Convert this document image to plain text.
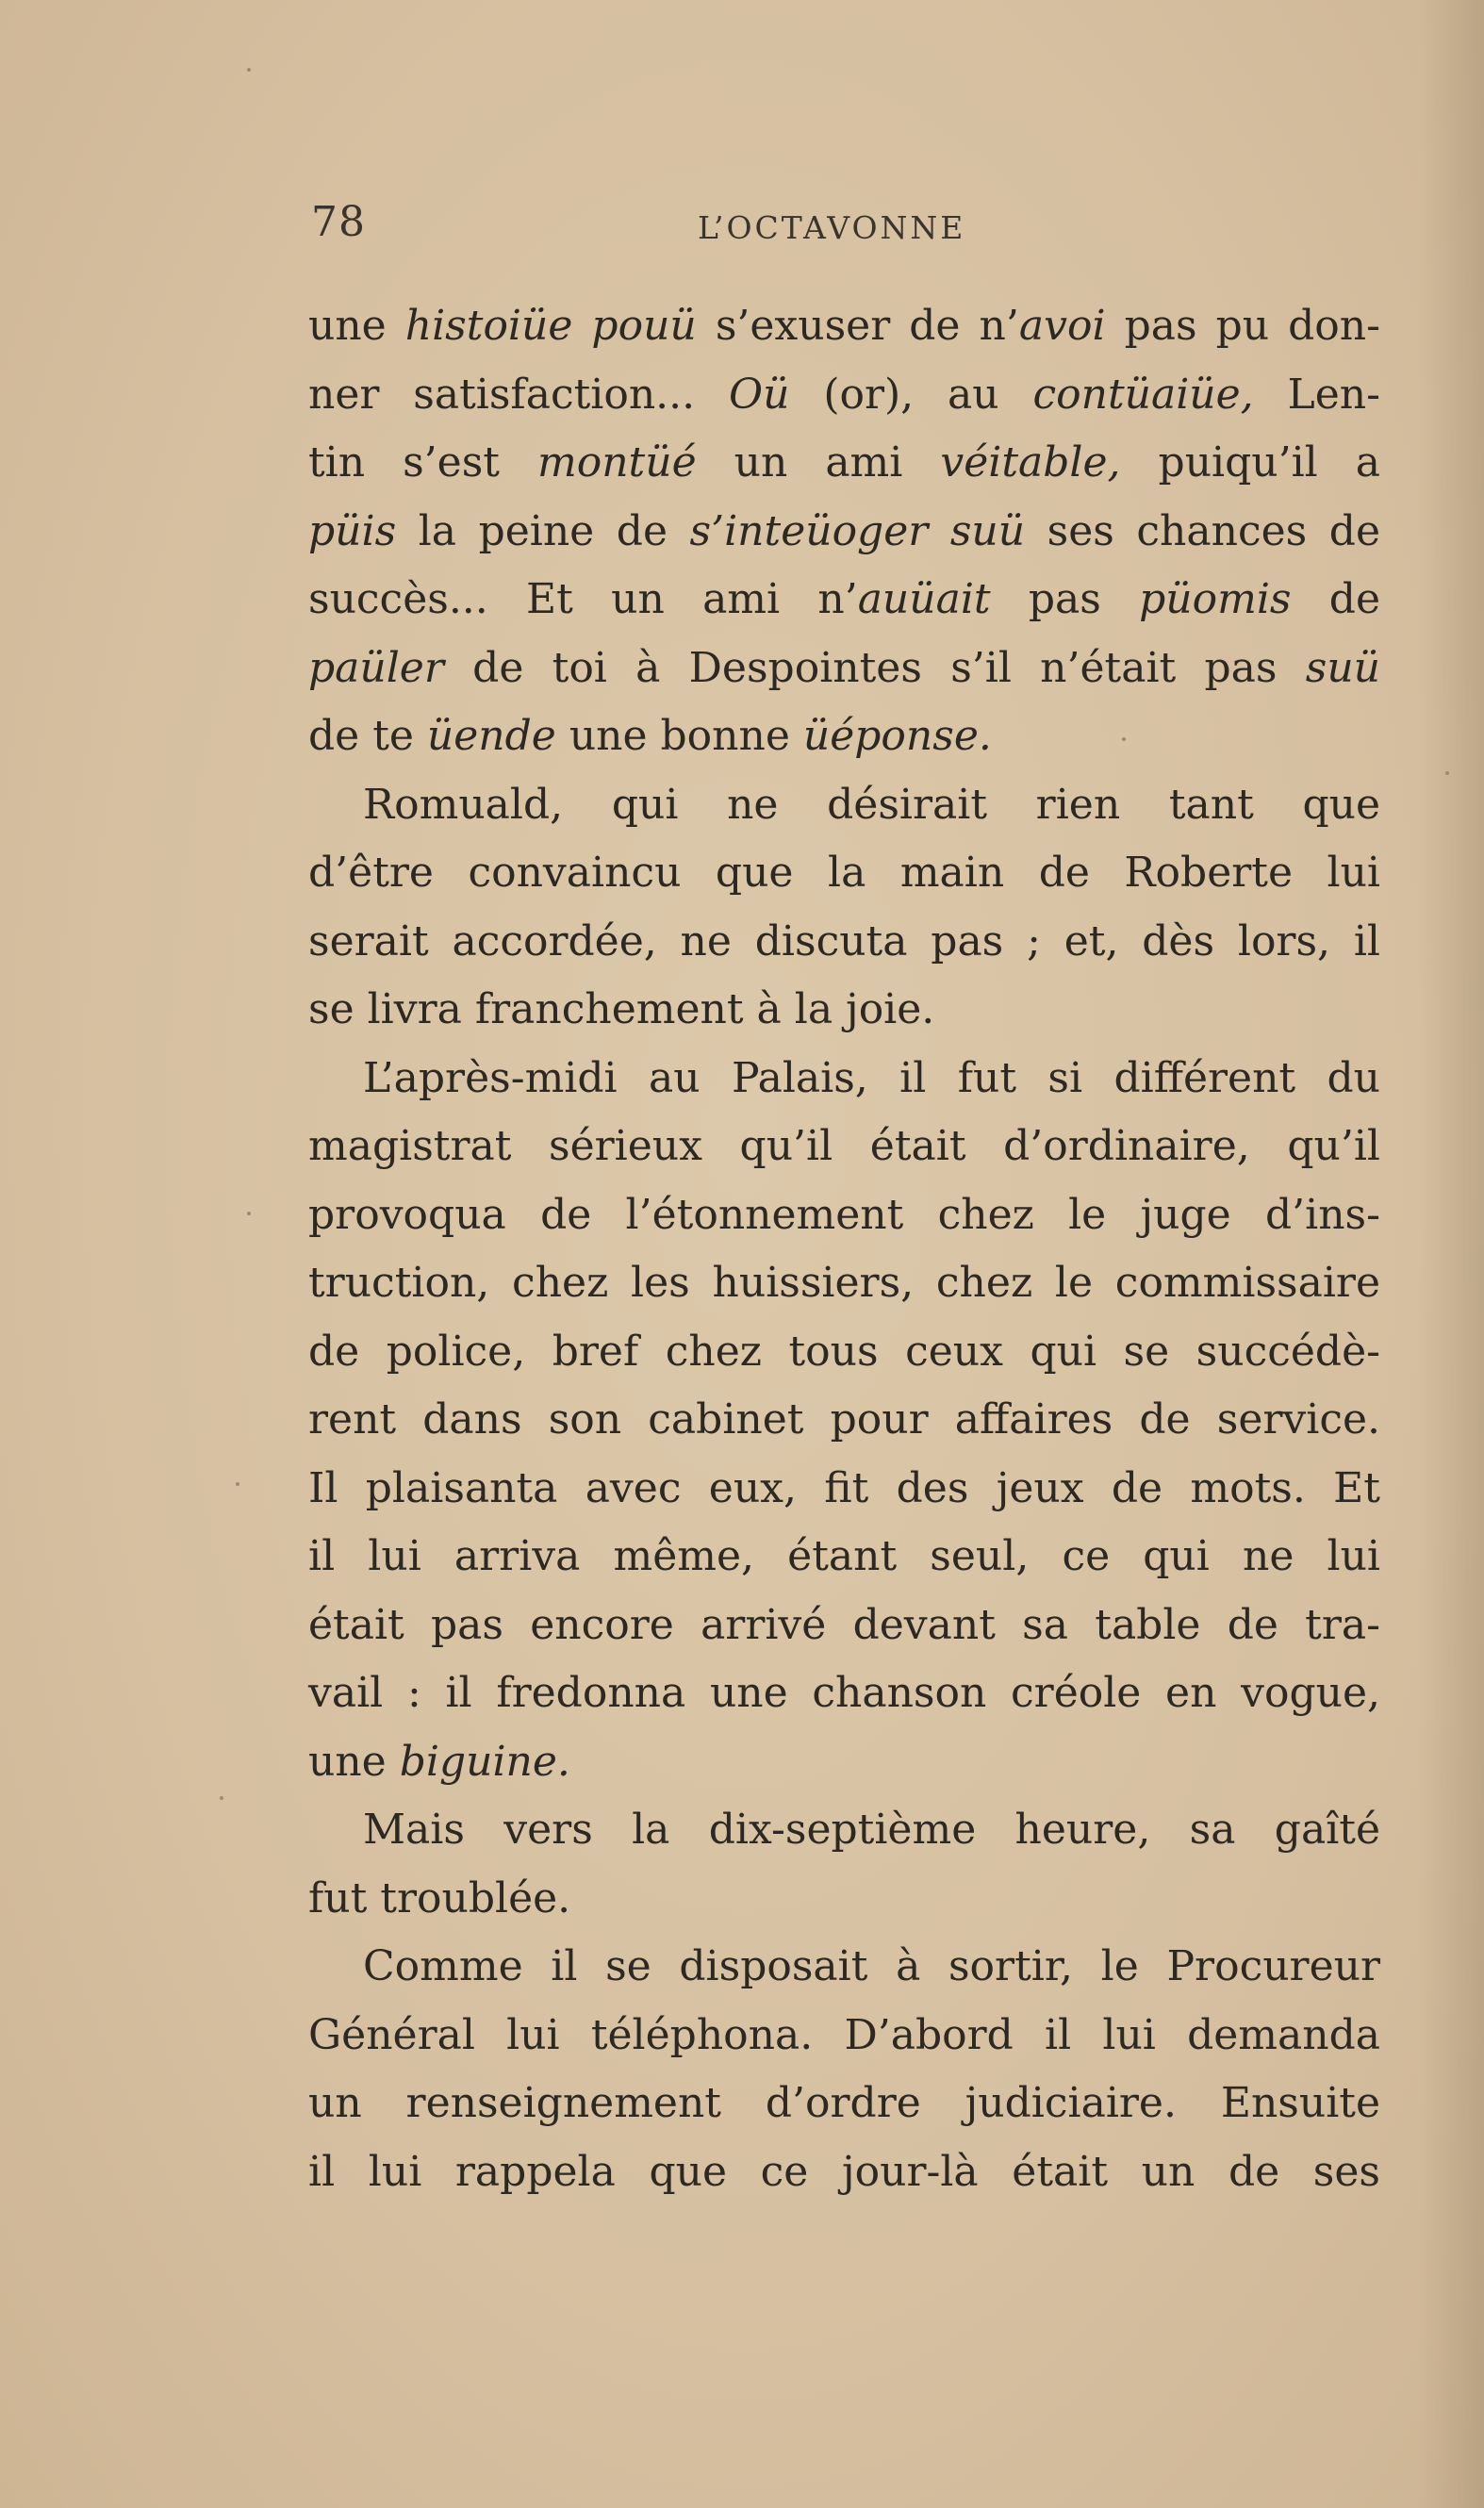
78	L’OCTAVONNE
une histoiüe pouü s’exuser de n’avoi pas pu don-
ner satisfaction... Oü (or), au contüaiüe, Len-
tin s’est montüé un ami véitable, puiqu’il a
püis la peine de s’inteüoger suü ses chances de
succès... Et un ami n’auüait pas püomis de
paüler de toi à Despointes s’il n’était pas suü
de te üende une bonne üéponse.
Romuald, qui ne désirait rien tant que
d’être convaincu que la main de Roberte lui
serait accordée, ne discuta pas ; et, dès lors, il
se livra franchement à la joie.
L’après-midi au Palais, il fut si différent du
magistrat sérieux qu’il était d’ordinaire, qu’il
provoqua de l’étonnement chez le juge d’ins-
truction, chez les huissiers, chez le commissaire
de police, bref chez tous ceux qui se succédè-
rent dans son cabinet pour affaires de service.
Il plaisanta avec eux, fit des jeux de mots. Et
il lui arriva même, étant seul, ce qui ne lui
était pas encore arrivé devant sa table de tra-
vail : il fredonna une chanson créole en vogue,
une biguine.
Mais vers la dix-septième heure, sa gaîté
fut troublée.
Comme il se disposait à sortir, le Procureur
Général lui téléphona. D’abord il lui demanda
un renseignement d’ordre judiciaire. Ensuite
il lui rappela que ce jour-là était un de ses
